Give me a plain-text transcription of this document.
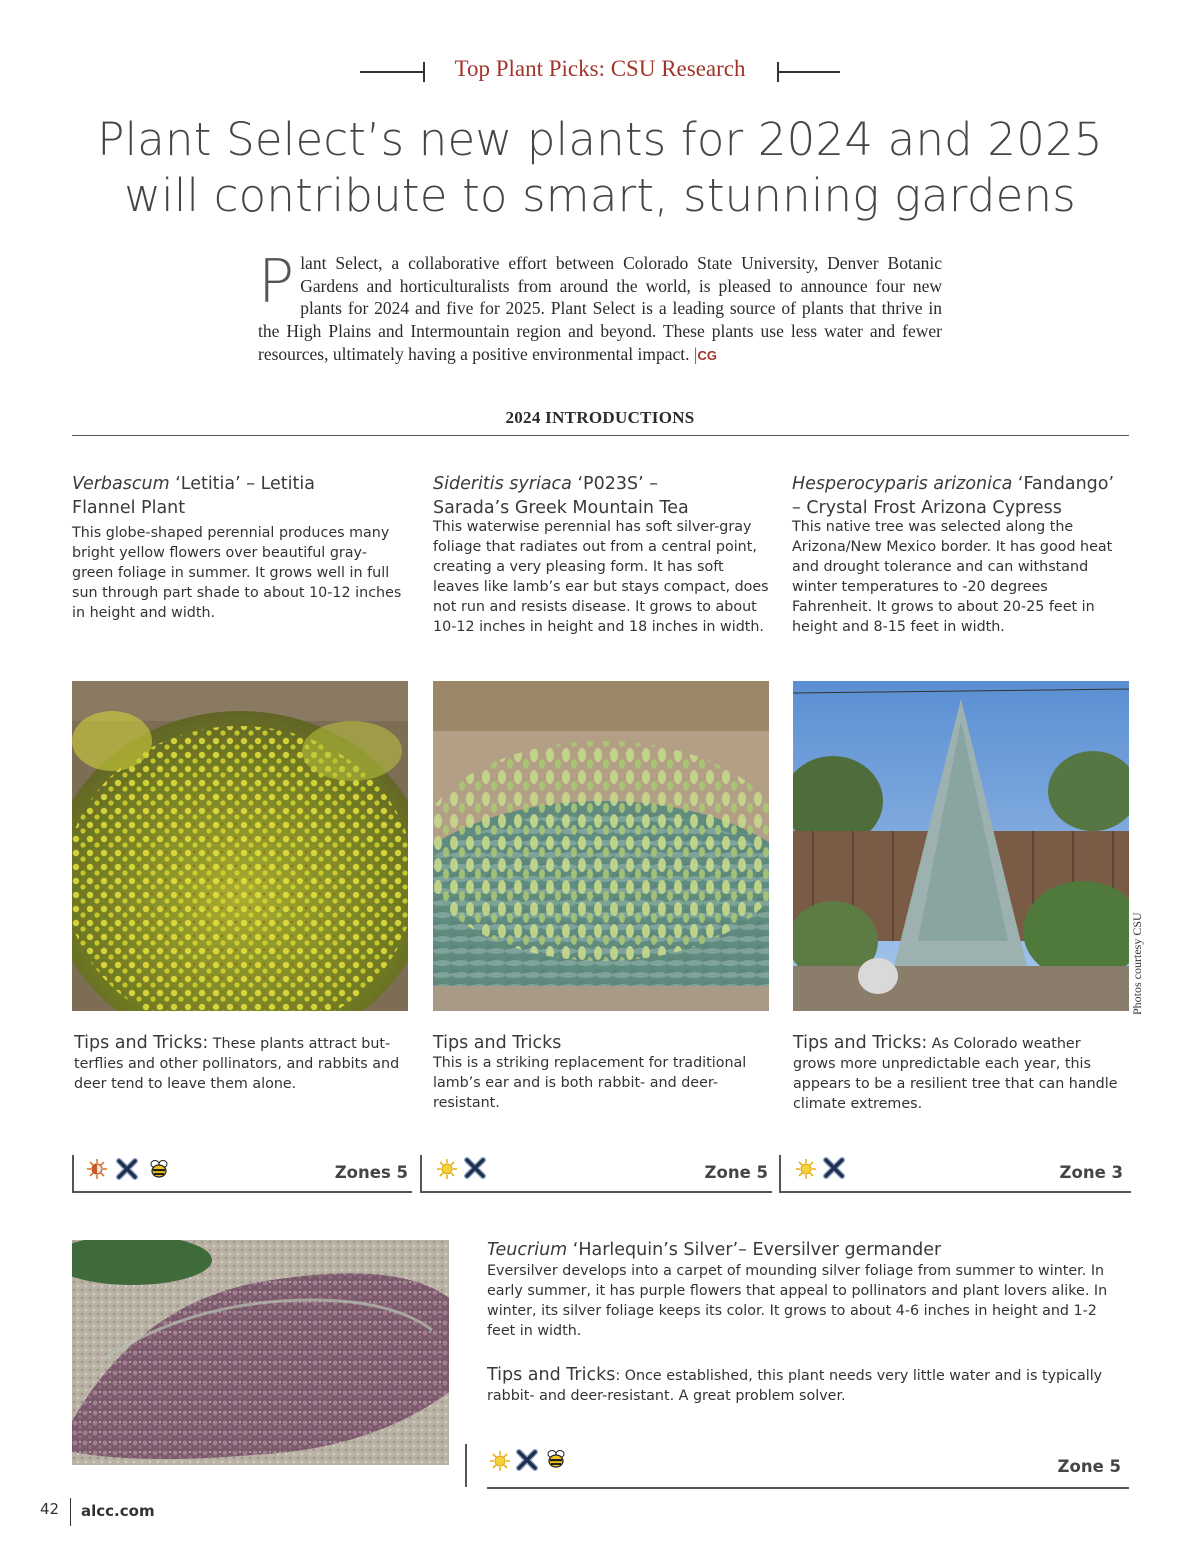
Top Plant Picks: CSU Research
Plant Select’s new plants for 2024 and 2025
will contribute to smart, stunning gardens
Plant Select, a collaborative effort between Colorado State University, Denver Botanic Gardens and horticulturalists from around the world, is pleased to announce four new plants for 2024 and five for 2025. Plant Select is a leading source of plants that thrive in the High Plains and Intermountain region and beyond. These plants use less water and fewer resources, ultimately having a positive environmental impact. |CG
2024 INTRODUCTIONS

Verbascum ‘Letitia’ – Letitia
Flannel Plant

This globe-shaped perennial produces many bright yellow flowers over beautiful gray-green foliage in summer. It grows well in full sun through part shade to about 10-12 inches in height and width.

Sideritis syriaca ‘P023S’ –
Sarada’s Greek Mountain Tea

This waterwise perennial has soft silver-gray foliage that radiates out from a central point, creating a very pleasing form. It has soft leaves like lamb’s ear but stays compact, does not run and resists disease. It grows to about 10-12 inches in height and 18 inches in width.

Hesperocyparis arizonica ‘Fandango’
– Crystal Frost Arizona Cypress

This native tree was selected along the Arizona/New Mexico border. It has good heat and drought tolerance and can withstand winter temperatures to -20 degrees Fahrenheit. It grows to about 20-25 feet in height and 8-15 feet in width.

Photos courtesy CSU
Tips and Tricks: These plants attract but-terflies and other pollinators, and rabbits and deer tend to leave them alone.
Tips and Tricks
This is a striking replacement for traditional lamb’s ear and is both rabbit- and deer-resistant.
Tips and Tricks: As Colorado weather grows more unpredictable each year, this appears to be a resilient tree that can handle climate extremes.
Zones 5	Zone 5	Zone 3

Teucrium ‘Harlequin’s Silver’– Eversilver germander

Eversilver develops into a carpet of mounding silver foliage from summer to winter. In early summer, it has purple flowers that appeal to pollinators and plant lovers alike. In winter, its silver foliage keeps its color. It grows to about 4-6 inches in height and 1-2 feet in width.

Tips and Tricks: Once established, this plant needs very little water and is typically rabbit- and deer-resistant. A great problem solver.
Zone 5
42 alcc.com
